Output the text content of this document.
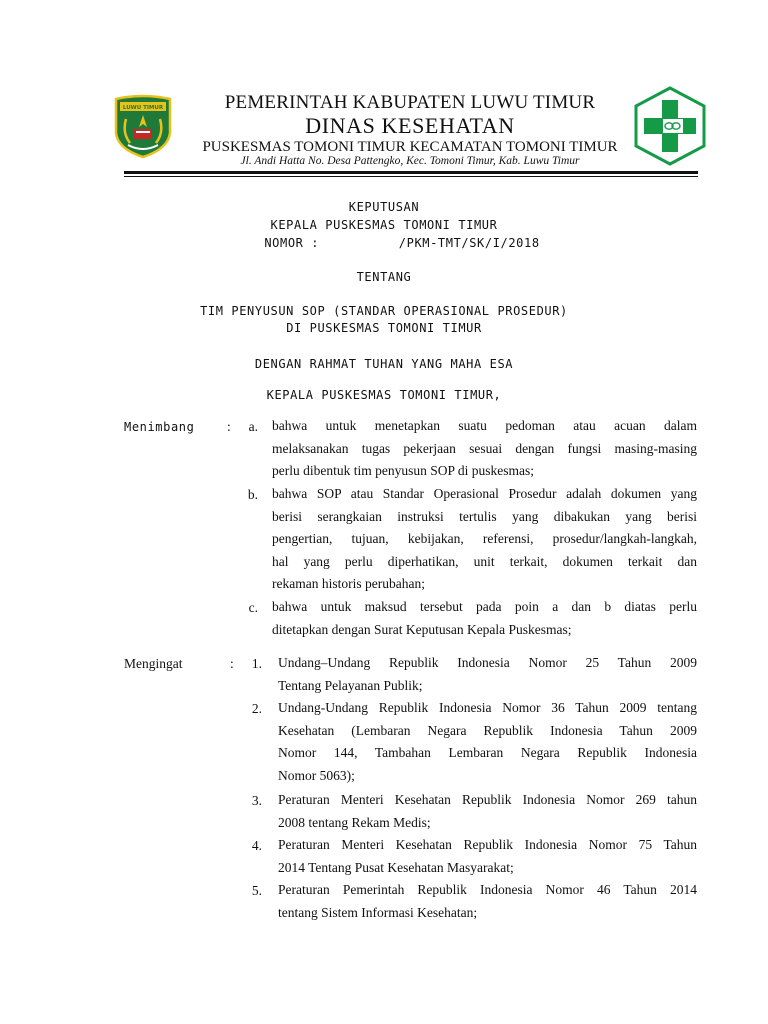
LUWU TIMUR	PEMERINTAH KABUPATEN LUWU TIMUR
DINAS KESEHATAN
PUSKESMAS TOMONI TIMUR KECAMATAN TOMONI TIMUR
Jl. Andi Hatta No. Desa Pattengko, Kec. Tomoni Timur, Kab. Luwu Timur
KEPUTUSAN
KEPALA PUSKESMAS TOMONI TIMUR
NOMOR :	/PKM-TMT/SK/I/2018
TENTANG
TIM PENYUSUN SOP (STANDAR OPERASIONAL PROSEDUR)
DI PUSKESMAS TOMONI TIMUR
DENGAN RAHMAT TUHAN YANG MAHA ESA
KEPALA PUSKESMAS TOMONI TIMUR,
Menimbang :	a. bahwa untuk menetapkan suatu pedoman atau acuan dalam
melaksanakan tugas pekerjaan sesuai dengan fungsi masing-masing
perlu dibentuk tim penyusun SOP di puskesmas;
b. bahwa SOP atau Standar Operasional Prosedur adalah dokumen yang
berisi serangkaian instruksi tertulis yang dibakukan yang berisi
pengertian, tujuan, kebijakan, referensi, prosedur/langkah-langkah,
hal yang perlu diperhatikan, unit terkait, dokumen terkait dan
rekaman historis perubahan;
c. bahwa untuk maksud tersebut pada poin a dan b diatas perlu
ditetapkan dengan Surat Keputusan Kepala Puskesmas;
Mengingat	:	1. Undang–Undang Republik Indonesia Nomor 25 Tahun 2009
Tentang Pelayanan Publik;
2. Undang-Undang Republik Indonesia Nomor 36 Tahun 2009 tentang
Kesehatan (Lembaran Negara Republik Indonesia Tahun 2009
Nomor 144, Tambahan Lembaran Negara Republik Indonesia
Nomor 5063);
3. Peraturan Menteri Kesehatan Republik Indonesia Nomor 269 tahun
2008 tentang Rekam Medis;
4. Peraturan Menteri Kesehatan Republik Indonesia Nomor 75 Tahun
2014 Tentang Pusat Kesehatan Masyarakat;
5. Peraturan Pemerintah Republik Indonesia Nomor 46 Tahun 2014
tentang Sistem Informasi Kesehatan;
